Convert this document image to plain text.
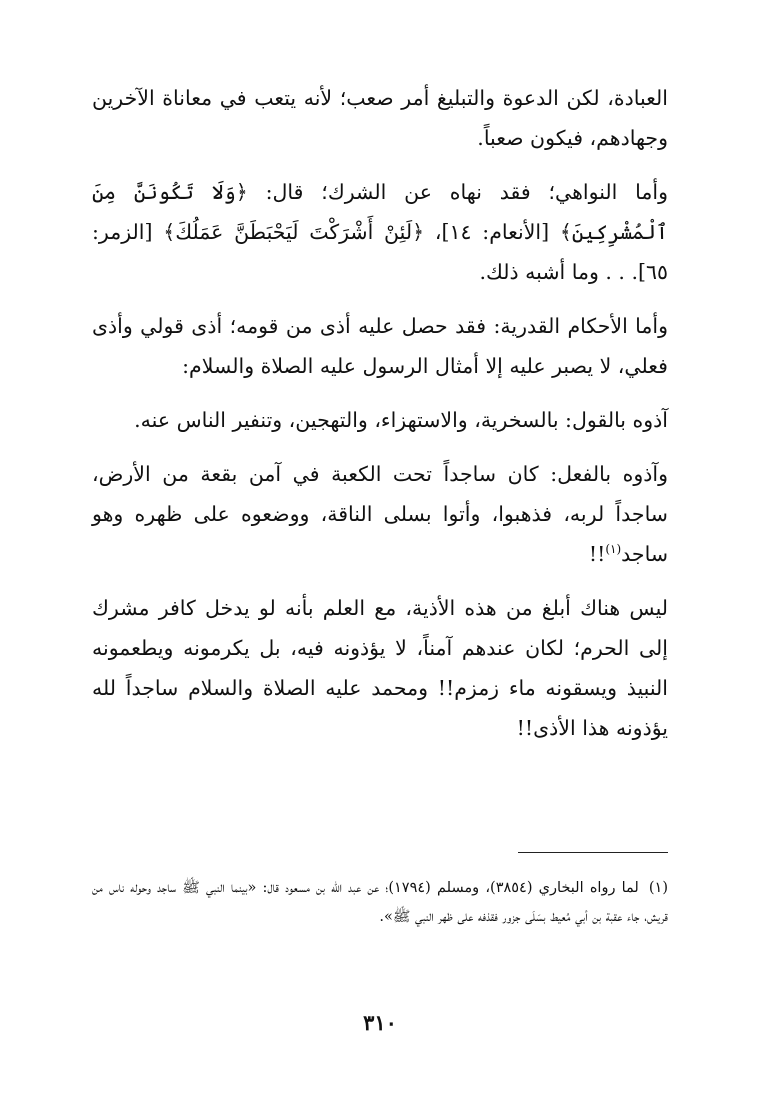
العبادة، لكن الدعوة والتبليغ أمر صعب؛ لأنه يتعب في معاناة الآخرين وجهادهم، فيكون صعباً.

وأما النواهي؛ فقد نهاه عن الشرك؛ قال: ﴿وَلَا تَكُونَنَّ مِنَ ٱلْمُشْرِكِينَ﴾ [الأنعام: ١٤]، ﴿لَئِنْ أَشْرَكْتَ لَيَحْبَطَنَّ عَمَلُكَ﴾ [الزمر: ٦٥]. . . وما أشبه ذلك.

وأما الأحكام القدرية: فقد حصل عليه أذى من قومه؛ أذى قولي وأذى فعلي، لا يصبر عليه إلا أمثال الرسول عليه الصلاة والسلام:

آذوه بالقول: بالسخرية، والاستهزاء، والتهجين، وتنفير الناس عنه.

وآذوه بالفعل: كان ساجداً تحت الكعبة في آمن بقعة من الأرض، ساجداً لربه، فذهبوا، وأتوا بسلى الناقة، ووضعوه على ظهره وهو ساجد$^{(١)}$!!

ليس هناك أبلغ من هذه الأذية، مع العلم بأنه لو يدخل كافر مشرك إلى الحرم؛ لكان عندهم آمناً، لا يؤذونه فيه، بل يكرمونه ويطعمونه النبيذ ويسقونه ماء زمزم!! ومحمد عليه الصلاة والسلام ساجداً لله يؤذونه هذا الأذى!!

(١)لما رواه البخاري (٣٨٥٤)، ومسلم (١٧٩٤)؛ عن عبد الله بن مسعود قال: «بينما النبي ﷺ ساجد وحوله ناس من قريش، جاء عقبة بن أبي مُعيط بسَلَى جزور فقذفه على ظهر النبي ﷺ».
٣١٠
